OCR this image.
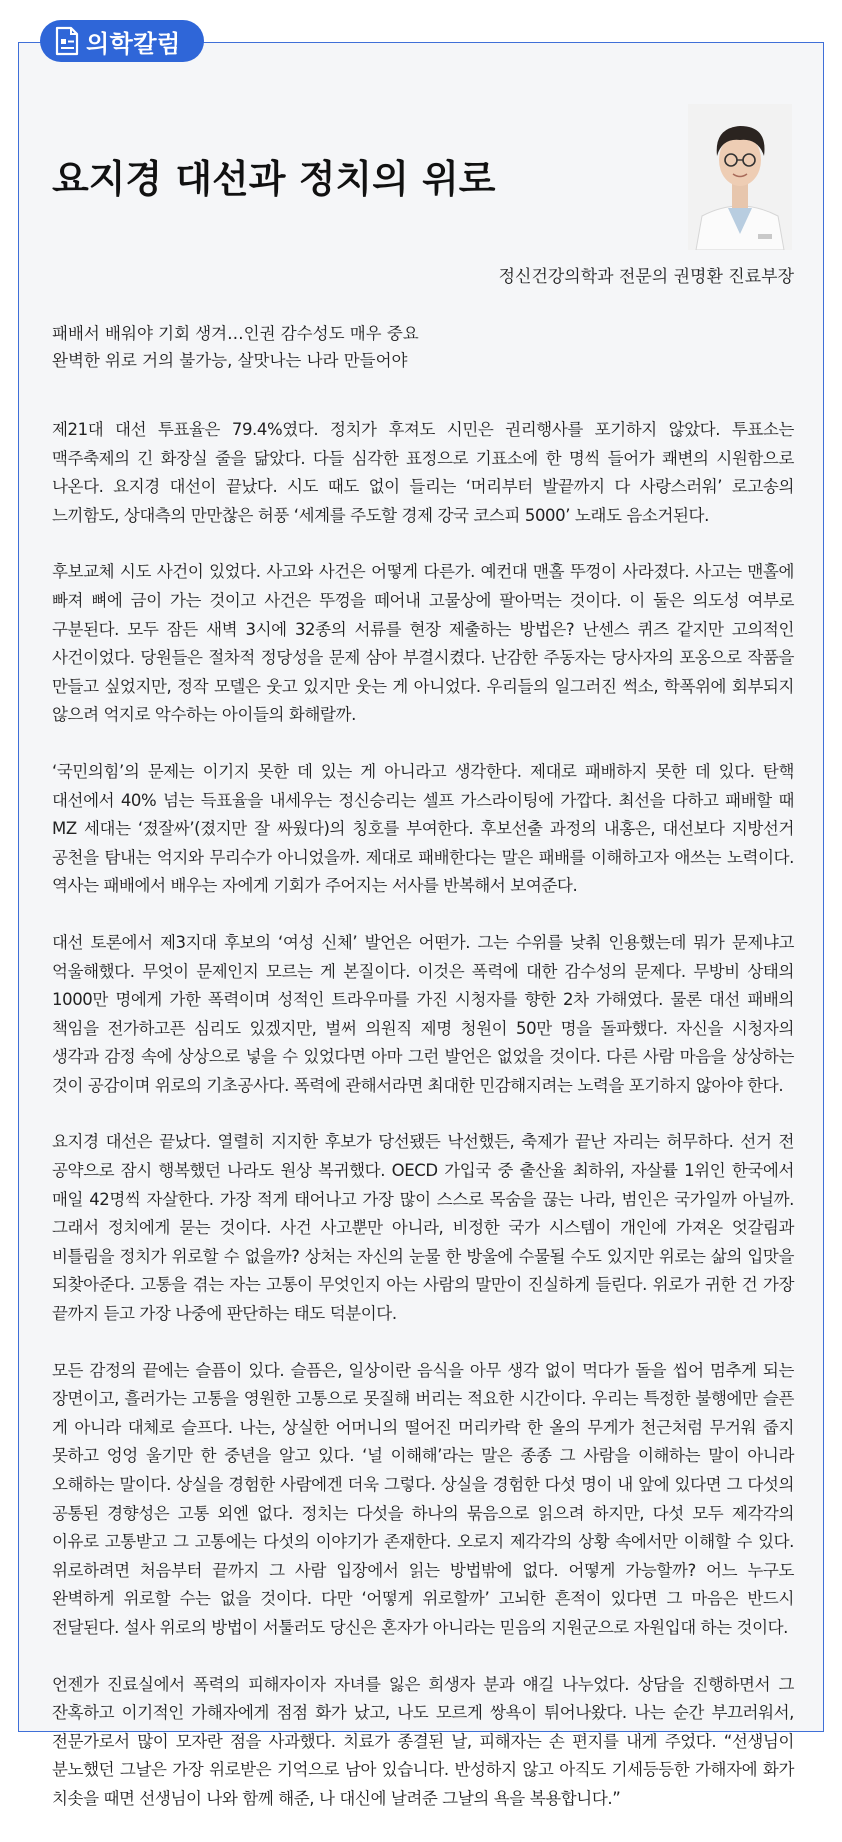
의학칼럼
요지경 대선과 정치의 위로
정신건강의학과 전문의 권명환 진료부장
패배서 배워야 기회 생겨…인권 감수성도 매우 중요
완벽한 위로 거의 불가능, 살맛나는 나라 만들어야

제21대 대선 투표율은 79.4%였다. 정치가 후져도 시민은 권리행사를 포기하지 않았다. 투표소는 맥주축제의 긴 화장실 줄을 닮았다. 다들 심각한 표정으로 기표소에 한 명씩 들어가 쾌변의 시원함으로 나온다. 요지경 대선이 끝났다. 시도 때도 없이 들리는 ‘머리부터 발끝까지 다 사랑스러워’ 로고송의 느끼함도, 상대측의 만만찮은 허풍 ‘세계를 주도할 경제 강국 코스피 5000’ 노래도 음소거된다.

후보교체 시도 사건이 있었다. 사고와 사건은 어떻게 다른가. 예컨대 맨홀 뚜껑이 사라졌다. 사고는 맨홀에 빠져 뼈에 금이 가는 것이고 사건은 뚜껑을 떼어내 고물상에 팔아먹는 것이다. 이 둘은 의도성 여부로 구분된다. 모두 잠든 새벽 3시에 32종의 서류를 현장 제출하는 방법은? 난센스 퀴즈 같지만 고의적인 사건이었다. 당원들은 절차적 정당성을 문제 삼아 부결시켰다. 난감한 주동자는 당사자의 포옹으로 작품을 만들고 싶었지만, 정작 모델은 웃고 있지만 웃는 게 아니었다. 우리들의 일그러진 썩소, 학폭위에 회부되지 않으려 억지로 악수하는 아이들의 화해랄까.

‘국민의힘’의 문제는 이기지 못한 데 있는 게 아니라고 생각한다. 제대로 패배하지 못한 데 있다. 탄핵 대선에서 40% 넘는 득표율을 내세우는 정신승리는 셀프 가스라이팅에 가깝다. 최선을 다하고 패배할 때 MZ 세대는 ‘졌잘싸’(졌지만 잘 싸웠다)의 칭호를 부여한다. 후보선출 과정의 내홍은, 대선보다 지방선거 공천을 탐내는 억지와 무리수가 아니었을까. 제대로 패배한다는 말은 패배를 이해하고자 애쓰는 노력이다. 역사는 패배에서 배우는 자에게 기회가 주어지는 서사를 반복해서 보여준다.

대선 토론에서 제3지대 후보의 ‘여성 신체’ 발언은 어떤가. 그는 수위를 낮춰 인용했는데 뭐가 문제냐고 억울해했다. 무엇이 문제인지 모르는 게 본질이다. 이것은 폭력에 대한 감수성의 문제다. 무방비 상태의 1000만 명에게 가한 폭력이며 성적인 트라우마를 가진 시청자를 향한 2차 가해였다. 물론 대선 패배의 책임을 전가하고픈 심리도 있겠지만, 벌써 의원직 제명 청원이 50만 명을 돌파했다. 자신을 시청자의 생각과 감정 속에 상상으로 넣을 수 있었다면 아마 그런 발언은 없었을 것이다. 다른 사람 마음을 상상하는 것이 공감이며 위로의 기초공사다. 폭력에 관해서라면 최대한 민감해지려는 노력을 포기하지 않아야 한다.

요지경 대선은 끝났다. 열렬히 지지한 후보가 당선됐든 낙선했든, 축제가 끝난 자리는 허무하다. 선거 전 공약으로 잠시 행복했던 나라도 원상 복귀했다. OECD 가입국 중 출산율 최하위, 자살률 1위인 한국에서 매일 42명씩 자살한다. 가장 적게 태어나고 가장 많이 스스로 목숨을 끊는 나라, 범인은 국가일까 아닐까. 그래서 정치에게 묻는 것이다. 사건 사고뿐만 아니라, 비정한 국가 시스템이 개인에 가져온 엇갈림과 비틀림을 정치가 위로할 수 없을까? 상처는 자신의 눈물 한 방울에 수물될 수도 있지만 위로는 삶의 입맛을 되찾아준다. 고통을 겪는 자는 고통이 무엇인지 아는 사람의 말만이 진실하게 들린다. 위로가 귀한 건 가장 끝까지 듣고 가장 나중에 판단하는 태도 덕분이다.

모든 감정의 끝에는 슬픔이 있다. 슬픔은, 일상이란 음식을 아무 생각 없이 먹다가 돌을 씹어 멈추게 되는 장면이고, 흘러가는 고통을 영원한 고통으로 못질해 버리는 적요한 시간이다. 우리는 특정한 불행에만 슬픈 게 아니라 대체로 슬프다. 나는, 상실한 어머니의 떨어진 머리카락 한 올의 무게가 천근처럼 무거워 줍지 못하고 엉엉 울기만 한 중년을 알고 있다. ‘널 이해해’라는 말은 종종 그 사람을 이해하는 말이 아니라 오해하는 말이다. 상실을 경험한 사람에겐 더욱 그렇다. 상실을 경험한 다섯 명이 내 앞에 있다면 그 다섯의 공통된 경향성은 고통 외엔 없다. 정치는 다섯을 하나의 묶음으로 읽으려 하지만, 다섯 모두 제각각의 이유로 고통받고 그 고통에는 다섯의 이야기가 존재한다. 오로지 제각각의 상황 속에서만 이해할 수 있다. 위로하려면 처음부터 끝까지 그 사람 입장에서 읽는 방법밖에 없다. 어떻게 가능할까? 어느 누구도 완벽하게 위로할 수는 없을 것이다. 다만 ‘어떻게 위로할까’ 고뇌한 흔적이 있다면 그 마음은 반드시 전달된다. 설사 위로의 방법이 서툴러도 당신은 혼자가 아니라는 믿음의 지원군으로 자원입대 하는 것이다.

언젠가 진료실에서 폭력의 피해자이자 자녀를 잃은 희생자 분과 얘길 나누었다. 상담을 진행하면서 그 잔혹하고 이기적인 가해자에게 점점 화가 났고, 나도 모르게 쌍욕이 튀어나왔다. 나는 순간 부끄러워서, 전문가로서 많이 모자란 점을 사과했다. 치료가 종결된 날, 피해자는 손 편지를 내게 주었다. “선생님이 분노했던 그날은 가장 위로받은 기억으로 남아 있습니다. 반성하지 않고 아직도 기세등등한 가해자에 화가 치솟을 때면 선생님이 나와 함께 해준, 나 대신에 날려준 그날의 욕을 복용합니다.”
